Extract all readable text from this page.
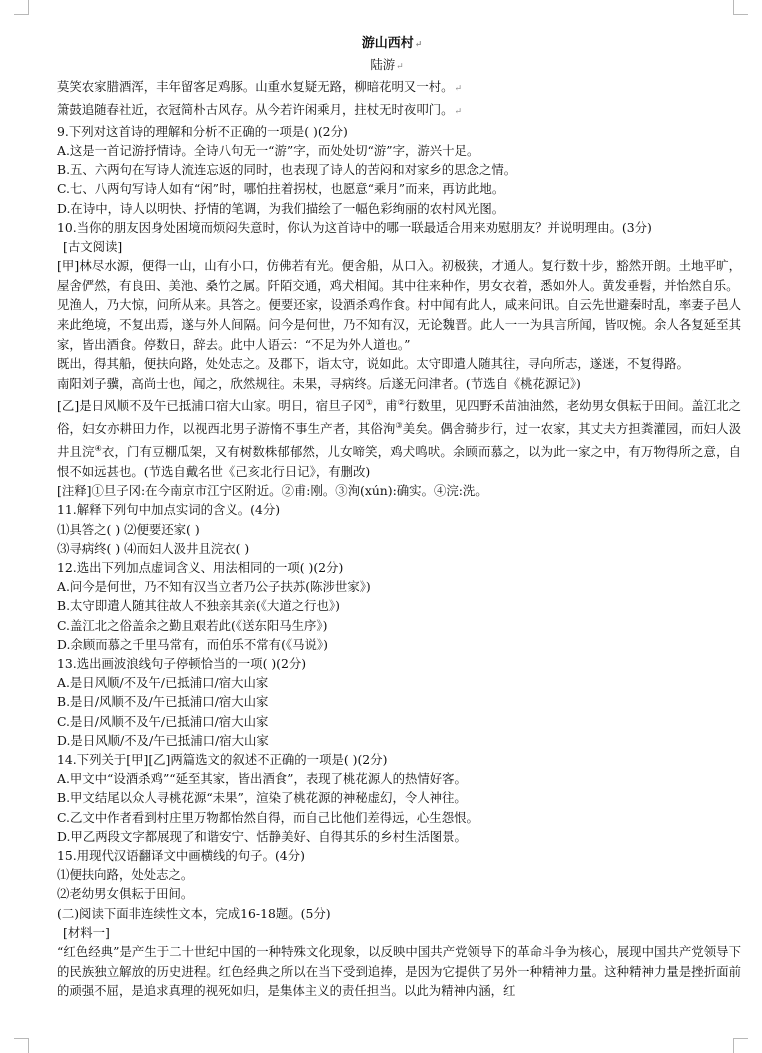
游山西村↵
陆游↵
莫笑农家腊酒浑，丰年留客足鸡豚。山重水复疑无路，柳暗花明又一村。↵
箫鼓追随春社近，衣冠简朴古风存。从今若许闲乘月，拄杖无时夜叩门。↵
9.下列对这首诗的理解和分析不正确的一项是( )(2分)
A.这是一首记游抒情诗。全诗八句无一“游”字，而处处切“游”字，游兴十足。
B.五、六两句在写诗人流连忘返的同时，也表现了诗人的苦闷和对家乡的思念之情。
C.七、八两句写诗人如有“闲”时，哪怕拄着拐杖，也愿意“乘月”而来，再访此地。
D.在诗中，诗人以明快、抒情的笔调，为我们描绘了一幅色彩绚丽的农村风光图。
10.当你的朋友因身处困境而烦闷失意时，你认为这首诗中的哪一联最适合用来劝慰朋友？并说明理由。(3分)
[古文阅读]
[甲]林尽水源，便得一山，山有小口，仿佛若有光。便舍船，从口入。初极狭，才通人。复行数十步，豁然开朗。土地平旷，屋舍俨然，有良田、美池、桑竹之属。阡陌交通，鸡犬相闻。其中往来种作，男女衣着，悉如外人。黄发垂髫，并怡然自乐。
见渔人，乃大惊，问所从来。具答之。便要还家，设酒杀鸡作食。村中闻有此人，咸来问讯。自云先世避秦时乱，率妻子邑人来此绝境，不复出焉，遂与外人间隔。问今是何世，乃不知有汉，无论魏晋。此人一一为具言所闻，皆叹惋。余人各复延至其家，皆出酒食。停数日，辞去。此中人语云：“不足为外人道也。”
既出，得其船，便扶向路，处处志之。及郡下，诣太守，说如此。太守即遣人随其往，寻向所志，遂迷，不复得路。
南阳刘子骥，高尚士也，闻之，欣然规往。未果，寻病终。后遂无问津者。(节选自《桃花源记》)
[乙]是日风顺不及午已抵浦口宿大山家。明日，宿旦子冈①，甫②行数里，见四野禾苗油油然，老幼男女俱耘于田间。盖江北之俗，妇女亦耕田力作，以视西北男子游惰不事生产者，其俗洵③美矣。偶舍骑步行，过一农家，其丈夫方担粪灌园，而妇人汲井且浣④衣，门有豆棚瓜架，又有树数株郁郁然，儿女啼笑，鸡犬鸣吠。余顾而慕之，以为此一家之中，有万物得所之意，自恨不如远甚也。(节选自戴名世《己亥北行日记》，有删改)
[注释]①旦子冈:在今南京市江宁区附近。②甫:刚。③洵(xún):确实。④浣:洗。
11.解释下列句中加点实词的含义。(4分)
⑴具答之( ) ⑵便要还家( )
⑶寻病终( ) ⑷而妇人汲井且浣衣( )
12.选出下列加点虚词含义、用法相同的一项( )(2分)
A.问今是何世，乃不知有汉当立者乃公子扶苏(陈涉世家》)
B.太守即遣人随其往故人不独亲其亲(《大道之行也》)
C.盖江北之俗盖余之勤且艰若此(《送东阳马生序》)
D.余顾而慕之千里马常有，而伯乐不常有(《马说》)
13.选出画波浪线句子停顿恰当的一项( )(2分)
A.是日风顺/不及午/已抵浦口/宿大山家
B.是日/风顺不及/午已抵浦口/宿大山家
C.是日/风顺不及午/已抵浦口/宿大山家
D.是日风顺/不及/午已抵浦口/宿大山家
14.下列关于[甲][乙]两篇选文的叙述不正确的一项是( )(2分)
A.甲文中“设酒杀鸡”“延至其家，皆出酒食”，表现了桃花源人的热情好客。
B.甲文结尾以众人寻桃花源“未果”，渲染了桃花源的神秘虚幻，令人神往。
C.乙文中作者看到村庄里万物都怡然自得，而自己比他们差得远，心生怨恨。
D.甲乙两段文字都展现了和谐安宁、恬静美好、自得其乐的乡村生活图景。
15.用现代汉语翻译文中画横线的句子。(4分)
⑴便扶向路，处处志之。
⑵老幼男女俱耘于田间。
(二)阅读下面非连续性文本，完成16-18题。(5分)
[材料一]
“红色经典”是产生于二十世纪中国的一种特殊文化现象，以反映中国共产党领导下的革命斗争为核心，展现中国共产党领导下的民族独立解放的历史进程。红色经典之所以在当下受到追捧，是因为它提供了另外一种精神力量。这种精神力量是挫折面前的顽强不屈，是追求真理的视死如归，是集体主义的责任担当。以此为精神内涵，红
